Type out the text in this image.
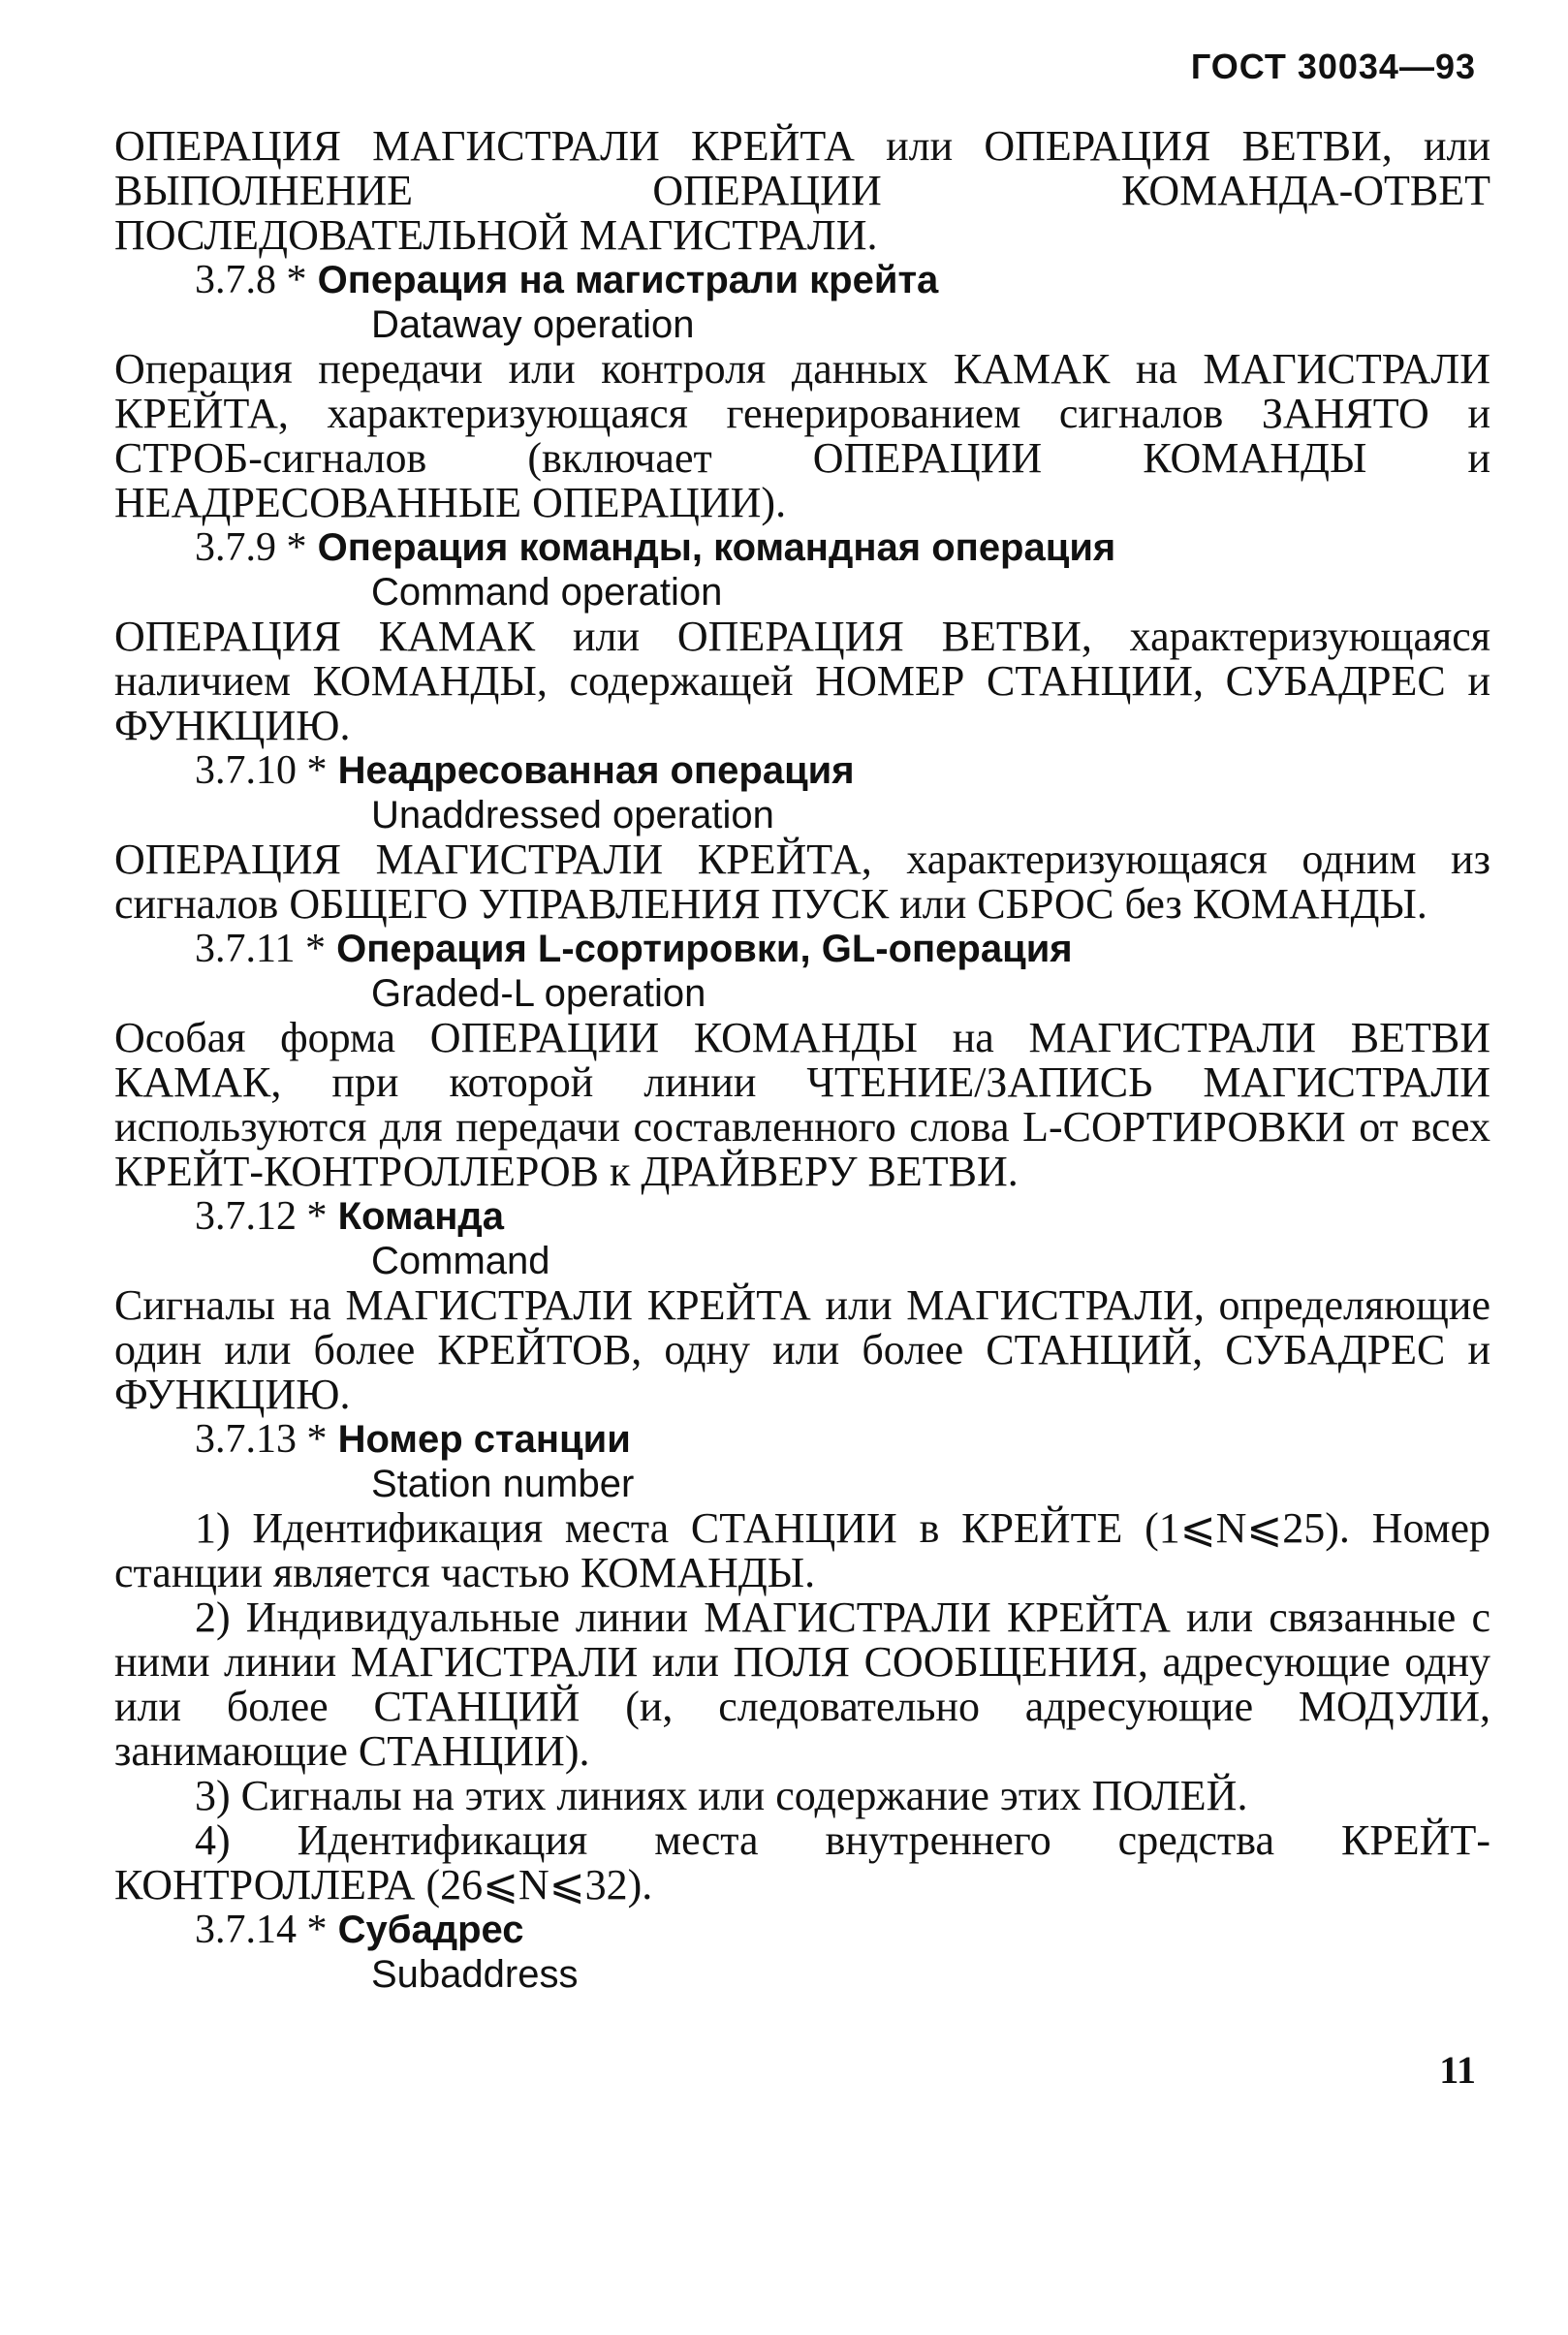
ГОСТ 30034—93

ОПЕРАЦИЯ МАГИСТРАЛИ КРЕЙТА или ОПЕРАЦИЯ ВЕТВИ, или ВЫПОЛНЕНИЕ ОПЕРАЦИИ КОМАНДА-ОТВЕТ ПОСЛЕДОВАТЕЛЬНОЙ МАГИСТРАЛИ.

3.7.8 * Операция на магистрали крейта

Dataway operation

Операция передачи или контроля данных КАМАК на МАГИСТРАЛИ КРЕЙТА, характеризующаяся генерированием сигналов ЗАНЯТО и СТРОБ-сигналов (включает ОПЕРАЦИИ КОМАНДЫ и НЕАДРЕСОВАННЫЕ ОПЕРАЦИИ).

3.7.9 * Операция команды, командная операция

Command operation

ОПЕРАЦИЯ КАМАК или ОПЕРАЦИЯ ВЕТВИ, характеризующаяся наличием КОМАНДЫ, содержащей НОМЕР СТАНЦИИ, СУБАДРЕС и ФУНКЦИЮ.

3.7.10 * Неадресованная операция

Unaddressed operation

ОПЕРАЦИЯ МАГИСТРАЛИ КРЕЙТА, характеризующаяся одним из сигналов ОБЩЕГО УПРАВЛЕНИЯ ПУСК или СБРОС без КОМАНДЫ.

3.7.11 * Операция L-сортировки, GL-операция

Graded-L operation

Особая форма ОПЕРАЦИИ КОМАНДЫ на МАГИСТРАЛИ ВЕТВИ КАМАК, при которой линии ЧТЕНИЕ/ЗАПИСЬ МАГИСТРАЛИ используются для передачи составленного слова L-СОРТИРОВКИ от всех КРЕЙТ-КОНТРОЛЛЕРОВ к ДРАЙВЕРУ ВЕТВИ.

3.7.12 * Команда

Command

Сигналы на МАГИСТРАЛИ КРЕЙТА или МАГИСТРАЛИ, определяющие один или более КРЕЙТОВ, одну или более СТАНЦИЙ, СУБАДРЕС и ФУНКЦИЮ.

3.7.13 * Номер станции

Station number

1) Идентификация места СТАНЦИИ в КРЕЙТЕ (1⩽N⩽25). Номер станции является частью КОМАНДЫ.

2) Индивидуальные линии МАГИСТРАЛИ КРЕЙТА или связанные с ними линии МАГИСТРАЛИ или ПОЛЯ СООБЩЕНИЯ, адресующие одну или более СТАНЦИЙ (и, следовательно адресующие МОДУЛИ, занимающие СТАНЦИИ).

3) Сигналы на этих линиях или содержание этих ПОЛЕЙ.

4) Идентификация места внутреннего средства КРЕЙТ-КОНТРОЛЛЕРА (26⩽N⩽32).

3.7.14 * Субадрес

Subaddress

11
